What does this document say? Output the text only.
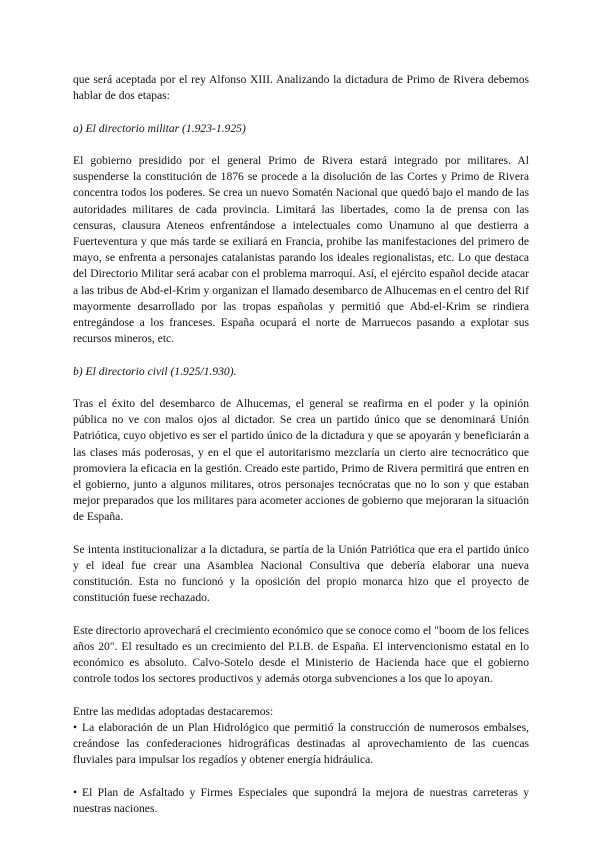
que será aceptada por el rey Alfonso XIII. Analizando la dictadura de Primo de Rivera debemos hablar de dos etapas:

a) El directorio militar (1.923-1.925)

El gobierno presidido por el general Primo de Rivera estará integrado por militares. Al suspenderse la constitución de 1876 se procede a la disolución de las Cortes y Primo de Rivera concentra todos los poderes. Se crea un nuevo Somatén Nacional que quedó bajo el mando de las autoridades militares de cada provincia. Limitará las libertades, como la de prensa con las censuras, clausura Ateneos enfrentándose a intelectuales como Unamuno al que destierra a Fuerteventura y que más tarde se exiliará en Francia, prohibe las manifestaciones del primero de mayo, se enfrenta a personajes catalanistas parando los ideales regionalistas, etc. Lo que destaca del Directorio Militar será acabar con el problema marroquí. Así, el ejército español decide atacar a las tribus de Abd-el-Krim y organizan el llamado desembarco de Alhucemas en el centro del Rif mayormente desarrollado por las tropas españolas y permitió que Abd-el-Krim se rindiera entregándose a los franceses. España ocupará el norte de Marruecos pasando a explotar sus recursos mineros, etc.

b) El directorio civil (1.925/1.930).

Tras el éxito del desembarco de Alhucemas, el general se reafirma en el poder y la opinión pública no ve con malos ojos al dictador. Se crea un partido único que se denominará Unión Patriótica, cuyo objetivo es ser el partido único de la dictadura y que se apoyarán y beneficiarán a las clases más poderosas, y en el que el autoritarismo mezclaría un cierto aire tecnocrático que promoviera la eficacia en la gestión. Creado este partido, Primo de Rivera permitirá que entren en el gobierno, junto a algunos militares, otros personajes tecnócratas que no lo son y que estaban mejor preparados que los militares para acometer acciones de gobierno que mejoraran la situación de España.

Se intenta institucionalizar a la dictadura, se partía de la Unión Patriótica que era el partido único y el ideal fue crear una Asamblea Nacional Consultiva que debería elaborar una nueva constitución. Esta no funcionó y la oposición del propio monarca hizo que el proyecto de constitución fuese rechazado.

Este directorio aprovechará el crecimiento económico que se conoce como el "boom de los felices años 20". El resultado es un crecimiento del P.I.B. de España. El intervencionismo estatal en lo económico es absoluto. Calvo-Sotelo desde el Ministerio de Hacienda hace que el gobierno controle todos los sectores productivos y además otorga subvenciones a los que lo apoyan.

Entre las medidas adoptadas destacaremos:

• La elaboración de un Plan Hidrológico que permitió la construcción de numerosos embalses, creándose las confederaciones hidrográficas destinadas al aprovechamiento de las cuencas fluviales para impulsar los regadíos y obtener energía hidráulica.

• El Plan de Asfaltado y Firmes Especiales que supondrá la mejora de nuestras carreteras y nuestras naciones.
